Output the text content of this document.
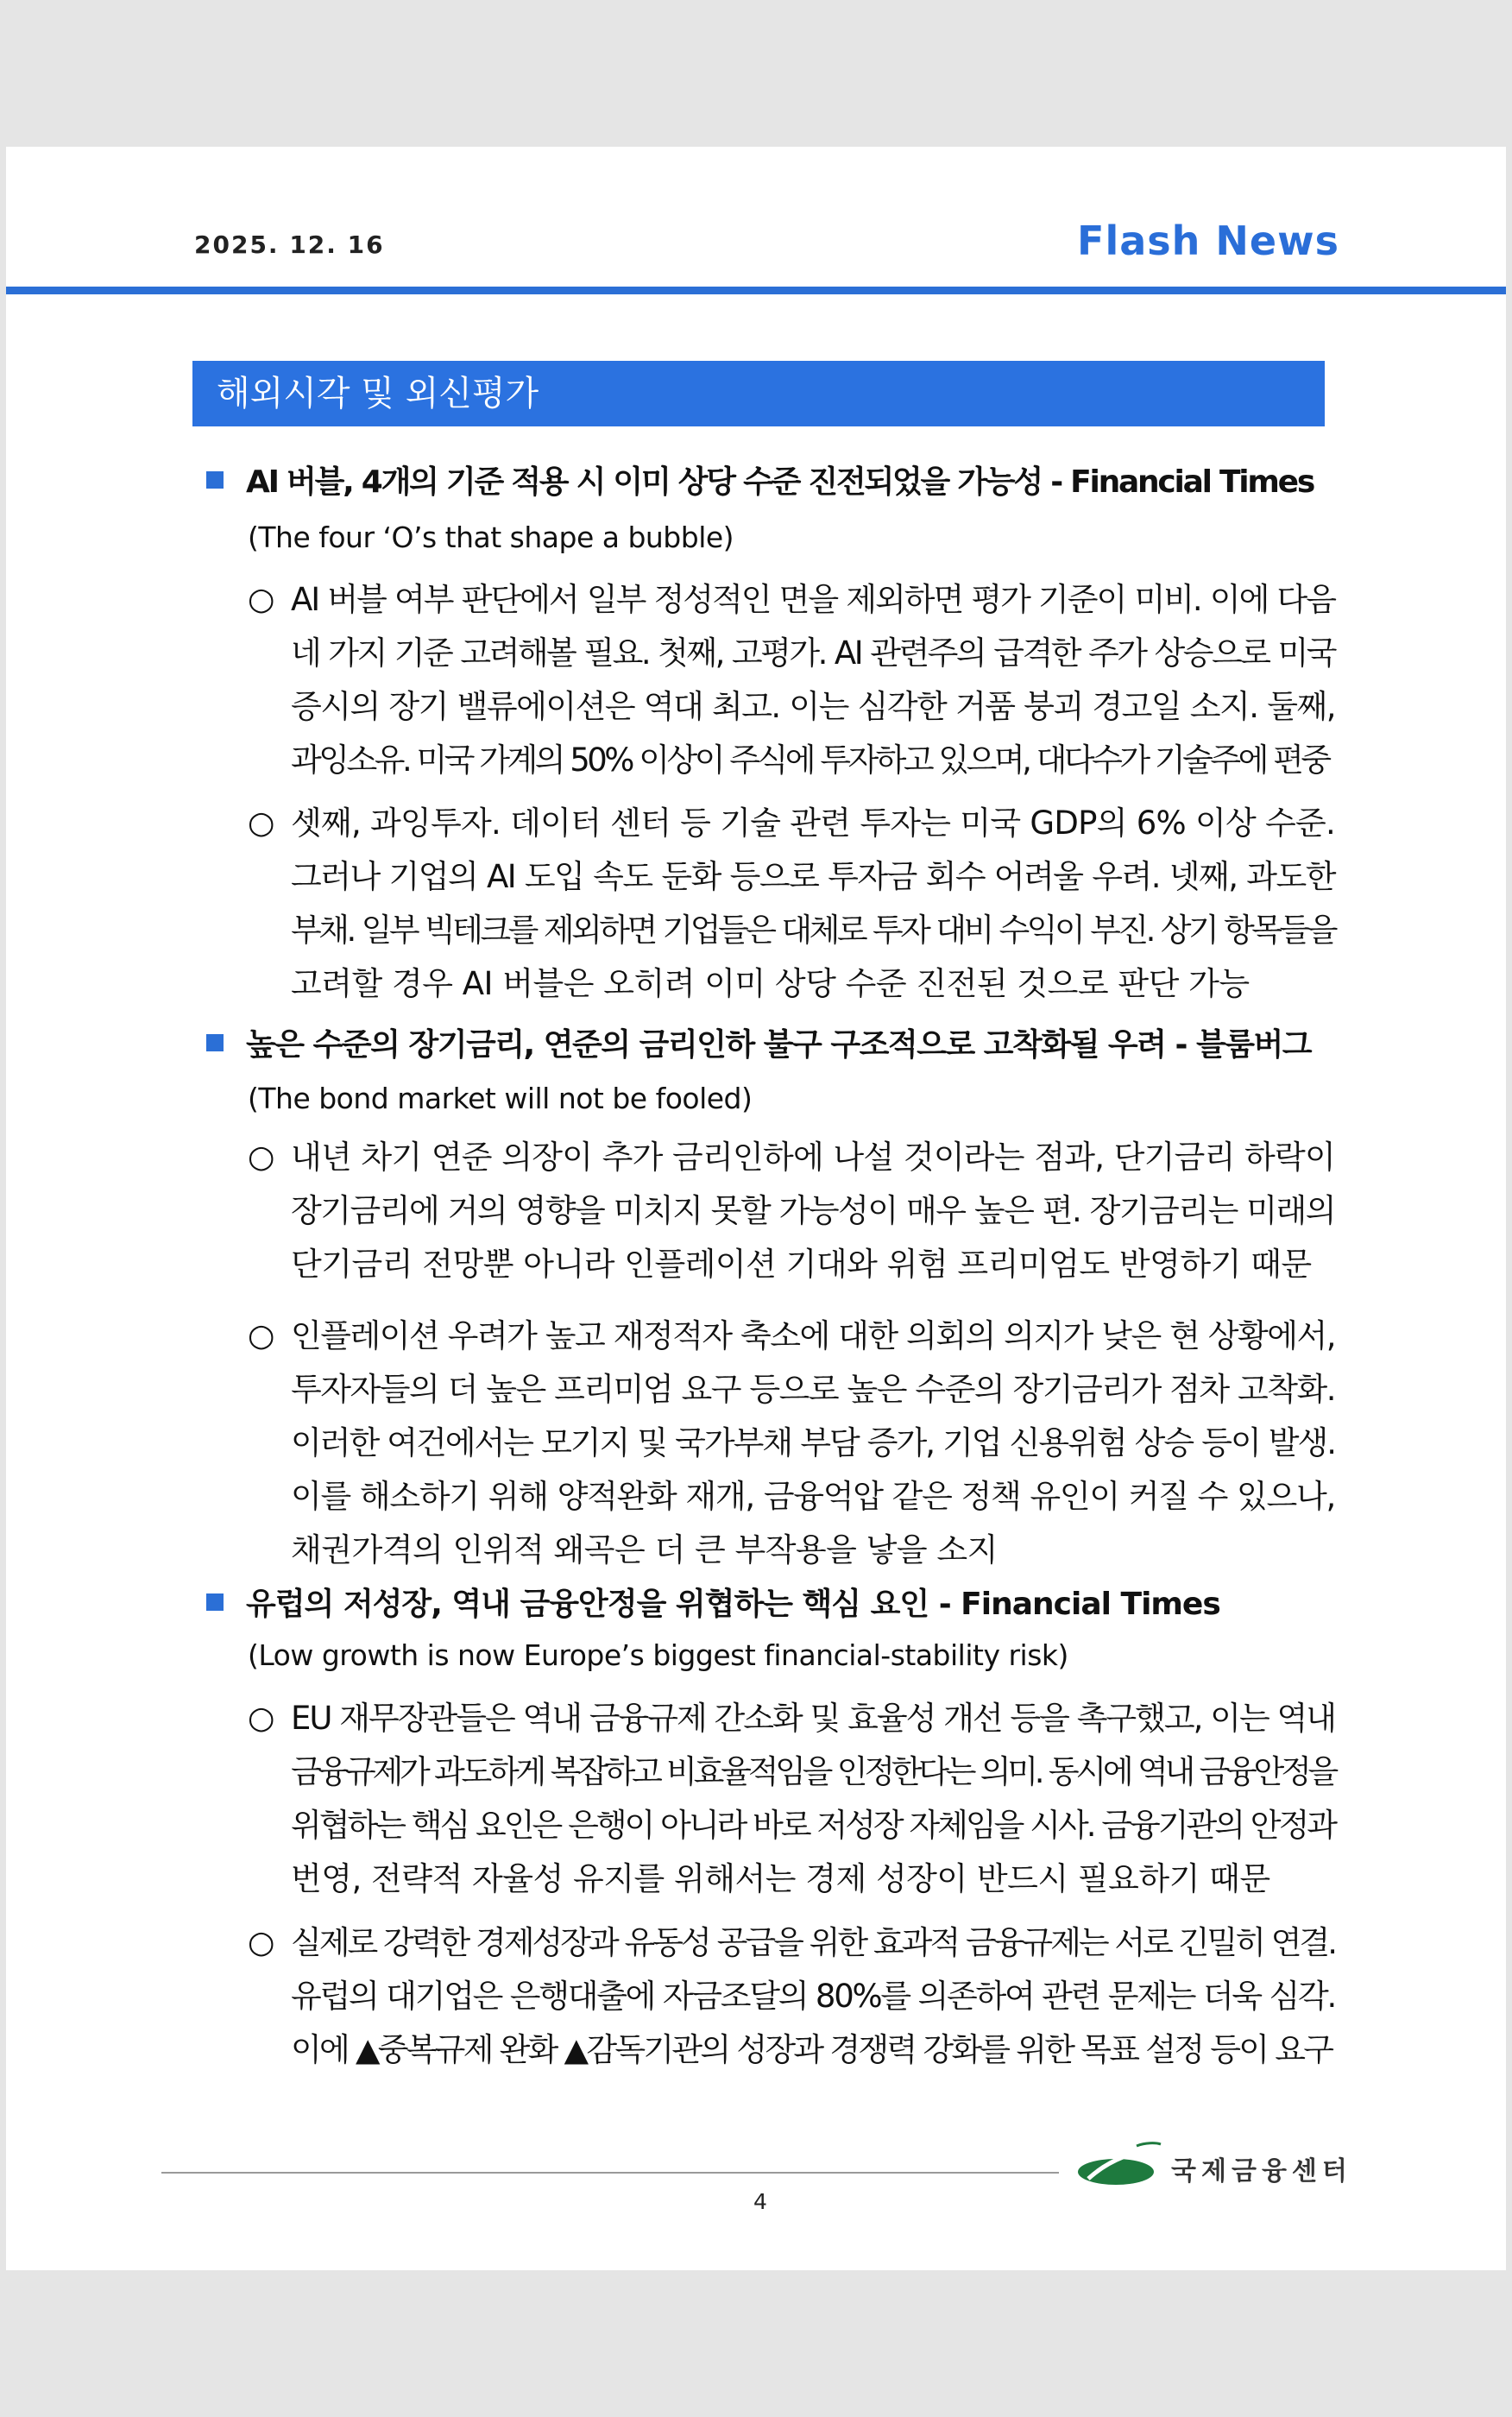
2025. 12. 16	Flash News
해외시각 및 외신평가
AI 버블, 4개의 기준 적용 시 이미 상당 수준 진전되었을 가능성 - Financial Times
(The four ‘O’s that shape a bubble)
○ AI 버블 여부 판단에서 일부 정성적인 면을 제외하면 평가 기준이 미비. 이에 다음
네 가지 기준 고려해볼 필요. 첫째, 고평가. AI 관련주의 급격한 주가 상승으로 미국
증시의 장기 밸류에이션은 역대 최고. 이는 심각한 거품 붕괴 경고일 소지. 둘째,
과잉소유. 미국 가계의 50% 이상이 주식에 투자하고 있으며, 대다수가 기술주에 편중
○ 셋째, 과잉투자. 데이터 센터 등 기술 관련 투자는 미국 GDP의 6% 이상 수준.
그러나 기업의 AI 도입 속도 둔화 등으로 투자금 회수 어려울 우려. 넷째, 과도한
부채. 일부 빅테크를 제외하면 기업들은 대체로 투자 대비 수익이 부진. 상기 항목들을
고려할 경우 AI 버블은 오히려 이미 상당 수준 진전된 것으로 판단 가능
높은 수준의 장기금리, 연준의 금리인하 불구 구조적으로 고착화될 우려 - 블룸버그
(The bond market will not be fooled)
○ 내년 차기 연준 의장이 추가 금리인하에 나설 것이라는 점과, 단기금리 하락이
장기금리에 거의 영향을 미치지 못할 가능성이 매우 높은 편. 장기금리는 미래의
단기금리 전망뿐 아니라 인플레이션 기대와 위험 프리미엄도 반영하기 때문
○ 인플레이션 우려가 높고 재정적자 축소에 대한 의회의 의지가 낮은 현 상황에서,
투자자들의 더 높은 프리미엄 요구 등으로 높은 수준의 장기금리가 점차 고착화.
이러한 여건에서는 모기지 및 국가부채 부담 증가, 기업 신용위험 상승 등이 발생.
이를 해소하기 위해 양적완화 재개, 금융억압 같은 정책 유인이 커질 수 있으나,
채권가격의 인위적 왜곡은 더 큰 부작용을 낳을 소지
유럽의 저성장, 역내 금융안정을 위협하는 핵심 요인 - Financial Times
(Low growth is now Europe’s biggest financial-stability risk)
○ EU 재무장관들은 역내 금융규제 간소화 및 효율성 개선 등을 촉구했고, 이는 역내
금융규제가 과도하게 복잡하고 비효율적임을 인정한다는 의미. 동시에 역내 금융안정을
위협하는 핵심 요인은 은행이 아니라 바로 저성장 자체임을 시사. 금융기관의 안정과
번영, 전략적 자율성 유지를 위해서는 경제 성장이 반드시 필요하기 때문
○ 실제로 강력한 경제성장과 유동성 공급을 위한 효과적 금융규제는 서로 긴밀히 연결.
유럽의 대기업은 은행대출에 자금조달의 80%를 의존하여 관련 문제는 더욱 심각.
이에 ▲중복규제 완화 ▲감독기관의 성장과 경쟁력 강화를 위한 목표 설정 등이 요구
국제금융센터
4
